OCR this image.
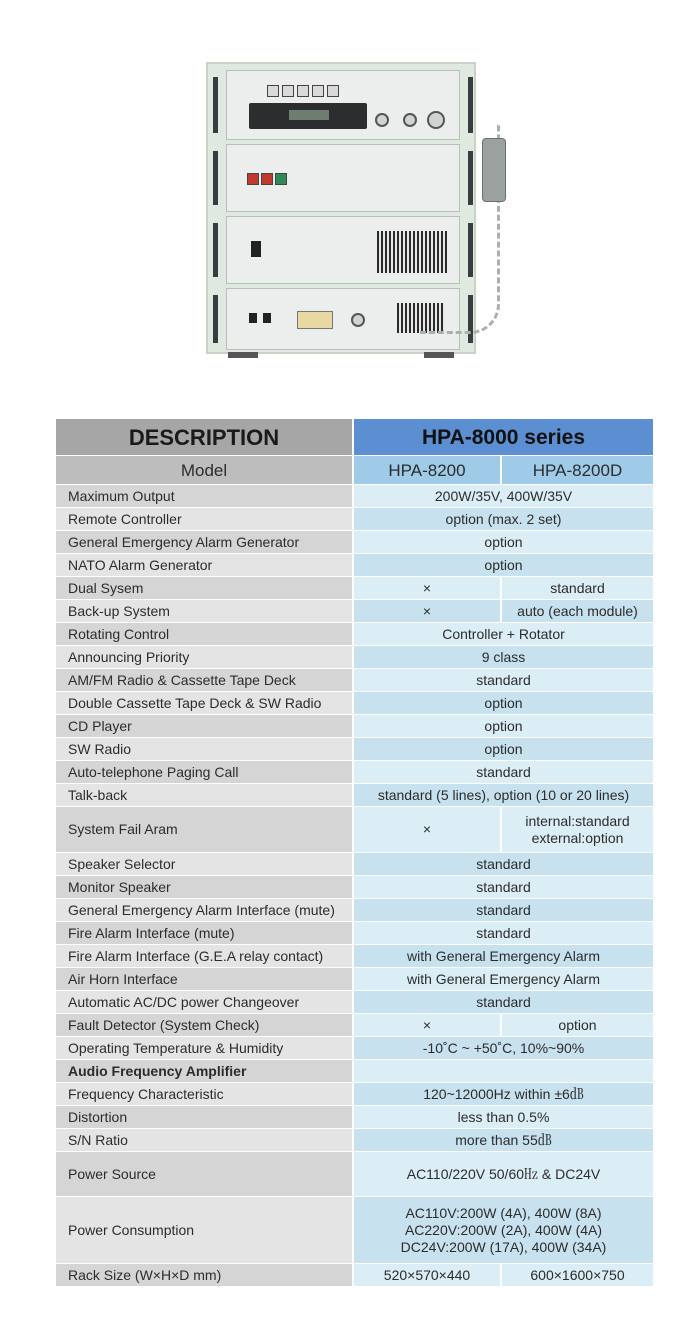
DESCRIPTION	HPA-8000 series	
Model	HPA-8200	HPA-8200D
Maximum Output	200W/35V, 400W/35V	
Remote Controller	option (max. 2 set)	
General Emergency Alarm Generator	option	
NATO Alarm Generator	option	
Dual Sysem	×	standard
Back-up System	×	auto (each module)
Rotating Control	Controller + Rotator	
Announcing Priority	9 class	
AM/FM Radio & Cassette Tape Deck	standard	
Double Cassette Tape Deck & SW Radio	option	
CD Player	option	
SW Radio	option	
Auto-telephone Paging Call	standard	
Talk-back	standard (5 lines), option (10 or 20 lines)	
System Fail Aram	×	internal:standard
external:option

Speaker Selector	standard	
Monitor Speaker	standard	
General Emergency Alarm Interface (mute)	standard	
Fire Alarm Interface (mute)	standard	
Fire Alarm Interface (G.E.A relay contact)	with General Emergency Alarm	
Air Horn Interface	with General Emergency Alarm	
Automatic AC/DC power Changeover	standard	
Fault Detector (System Check)	×	option
Operating Temperature & Humidity	-10˚C ~ +50˚C, 10%~90%	
Audio Frequency Amplifier		
Frequency Characteristic	120~12000Hz within ±6㏈	
Distortion	less than 0.5%	
S/N Ratio	more than 55㏈	
Power Source	AC110/220V 50/60㎐ & DC24V	
Power Consumption	AC110V:200W (4A), 400W (8A)
AC220V:200W (2A), 400W (4A)
DC24V:200W (17A), 400W (34A)	

Rack Size (W×H×D mm)	520×570×440	600×1600×750
